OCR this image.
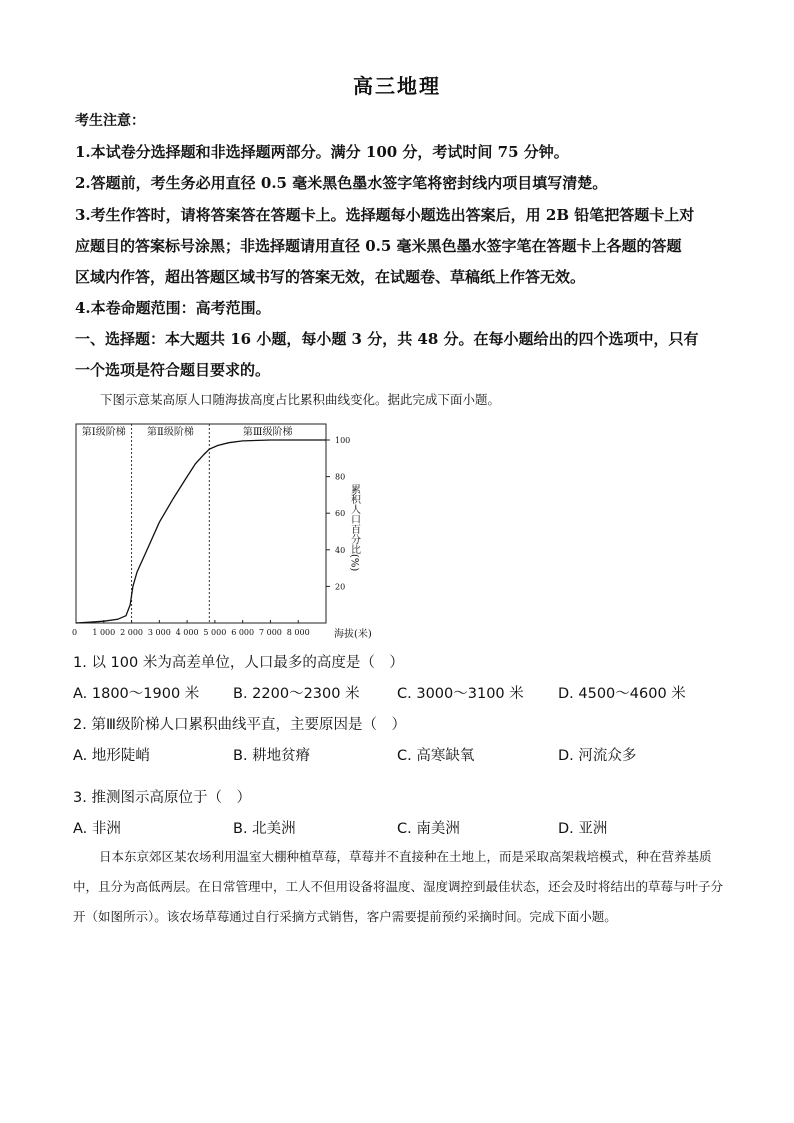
高三地理
考生注意：
1.本试卷分选择题和非选择题两部分。满分 100 分，考试时间 75 分钟。
2.答题前，考生务必用直径 0.5 毫米黑色墨水签字笔将密封线内项目填写清楚。
3.考生作答时，请将答案答在答题卡上。选择题每小题选出答案后，用 2B 铅笔把答题卡上对
应题目的答案标号涂黑；非选择题请用直径 0.5 毫米黑色墨水签字笔在答题卡上各题的答题
区域内作答，超出答题区域书写的答案无效，在试题卷、草稿纸上作答无效。
4.本卷命题范围：高考范围。
一、选择题：本大题共 16 小题，每小题 3 分，共 48 分。在每小题给出的四个选项中，只有
一个选项是符合题目要求的。
下图示意某高原人口随海拔高度占比累积曲线变化。据此完成下面小题。
第Ⅰ级阶梯 第Ⅱ级阶梯	第Ⅲ级阶梯
20
40
60
80
100
0 1 000 2 000 3 000 4 000 5 000 6 000 7 000 8 000 海拔(米)
累积人口百分比(%)
1. 以 100 米为高差单位，人口最多的高度是（　）
A. 1800～1900 米 B. 2200～2300 米	C. 3000～3100 米 D. 4500～4600 米
2. 第Ⅲ级阶梯人口累积曲线平直，主要原因是（　）
A. 地形陡峭	B. 耕地贫瘠	C. 高寒缺氧	D. 河流众多
3. 推测图示高原位于（　）
A. 非洲	B. 北美洲	C. 南美洲	D. 亚洲
日本东京郊区某农场利用温室大棚种植草莓，草莓并不直接种在土地上，而是采取高架栽培模式，种在营养基质中，且分为高低两层。在日常管理中，工人不但用设备将温度、湿度调控到最佳状态，还会及时将结出的草莓与叶子分开（如图所示）。该农场草莓通过自行采摘方式销售，客户需要提前预约采摘时间。完成下面小题。
